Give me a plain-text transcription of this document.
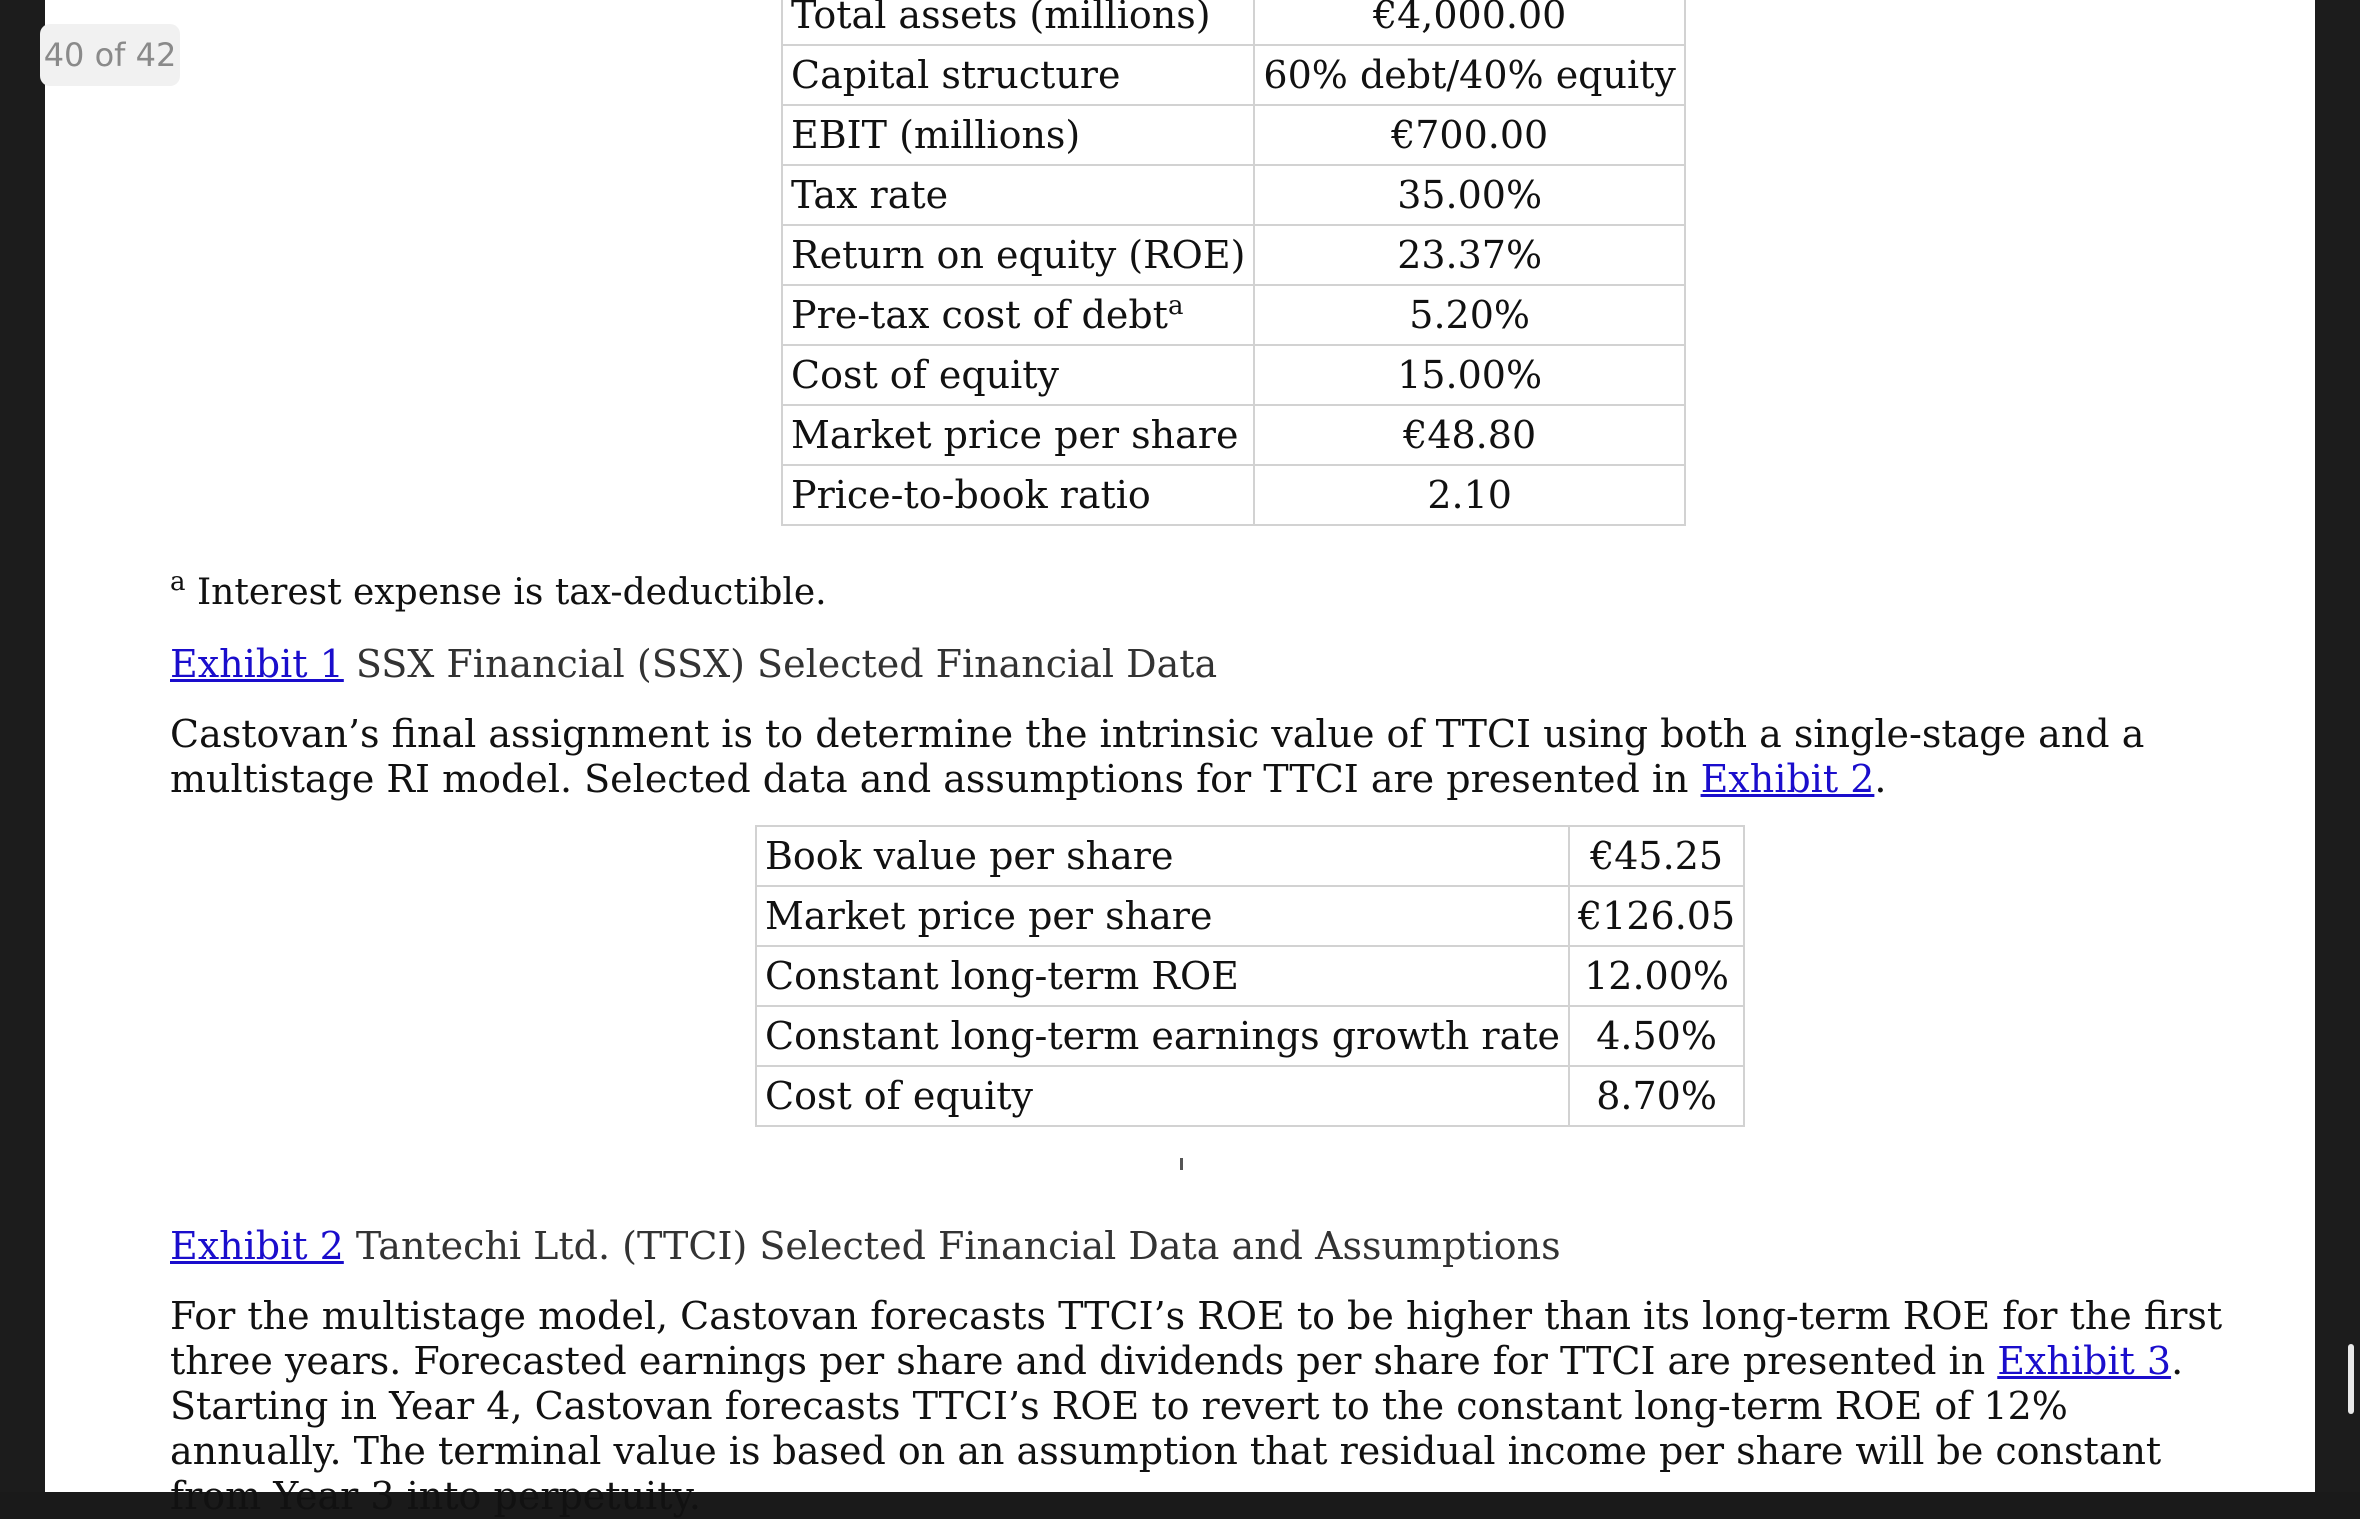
40 of 42
Total assets (millions)	€4,000.00
Capital structure	60% debt/40% equity
EBIT (millions)	€700.00
Tax rate	35.00%
Return on equity (ROE)	23.37%
Pre-tax cost of debt$^a$	5.20%
Cost of equity	15.00%
Market price per share	€48.80
Price-to-book ratio	2.10
$^a$ Interest expense is tax-deductible.
Exhibit 1 SSX Financial (SSX) Selected Financial Data
Castovan’s final assignment is to determine the intrinsic value of TTCI using both a single-stage and a multistage RI model. Selected data and assumptions for TTCI are presented in Exhibit 2.
Book value per share	€45.25
Market price per share	€126.05
Constant long-term ROE	12.00%
Constant long-term earnings growth rate	4.50%
Cost of equity	8.70%
Exhibit 2 Tantechi Ltd. (TTCI) Selected Financial Data and Assumptions
For the multistage model, Castovan forecasts TTCI’s ROE to be higher than its long-term ROE for the first three years. Forecasted earnings per share and dividends per share for TTCI are presented in Exhibit 3. Starting in Year 4, Castovan forecasts TTCI’s ROE to revert to the constant long-term ROE of 12% annually. The terminal value is based on an assumption that residual income per share will be constant from Year 3 into perpetuity.
